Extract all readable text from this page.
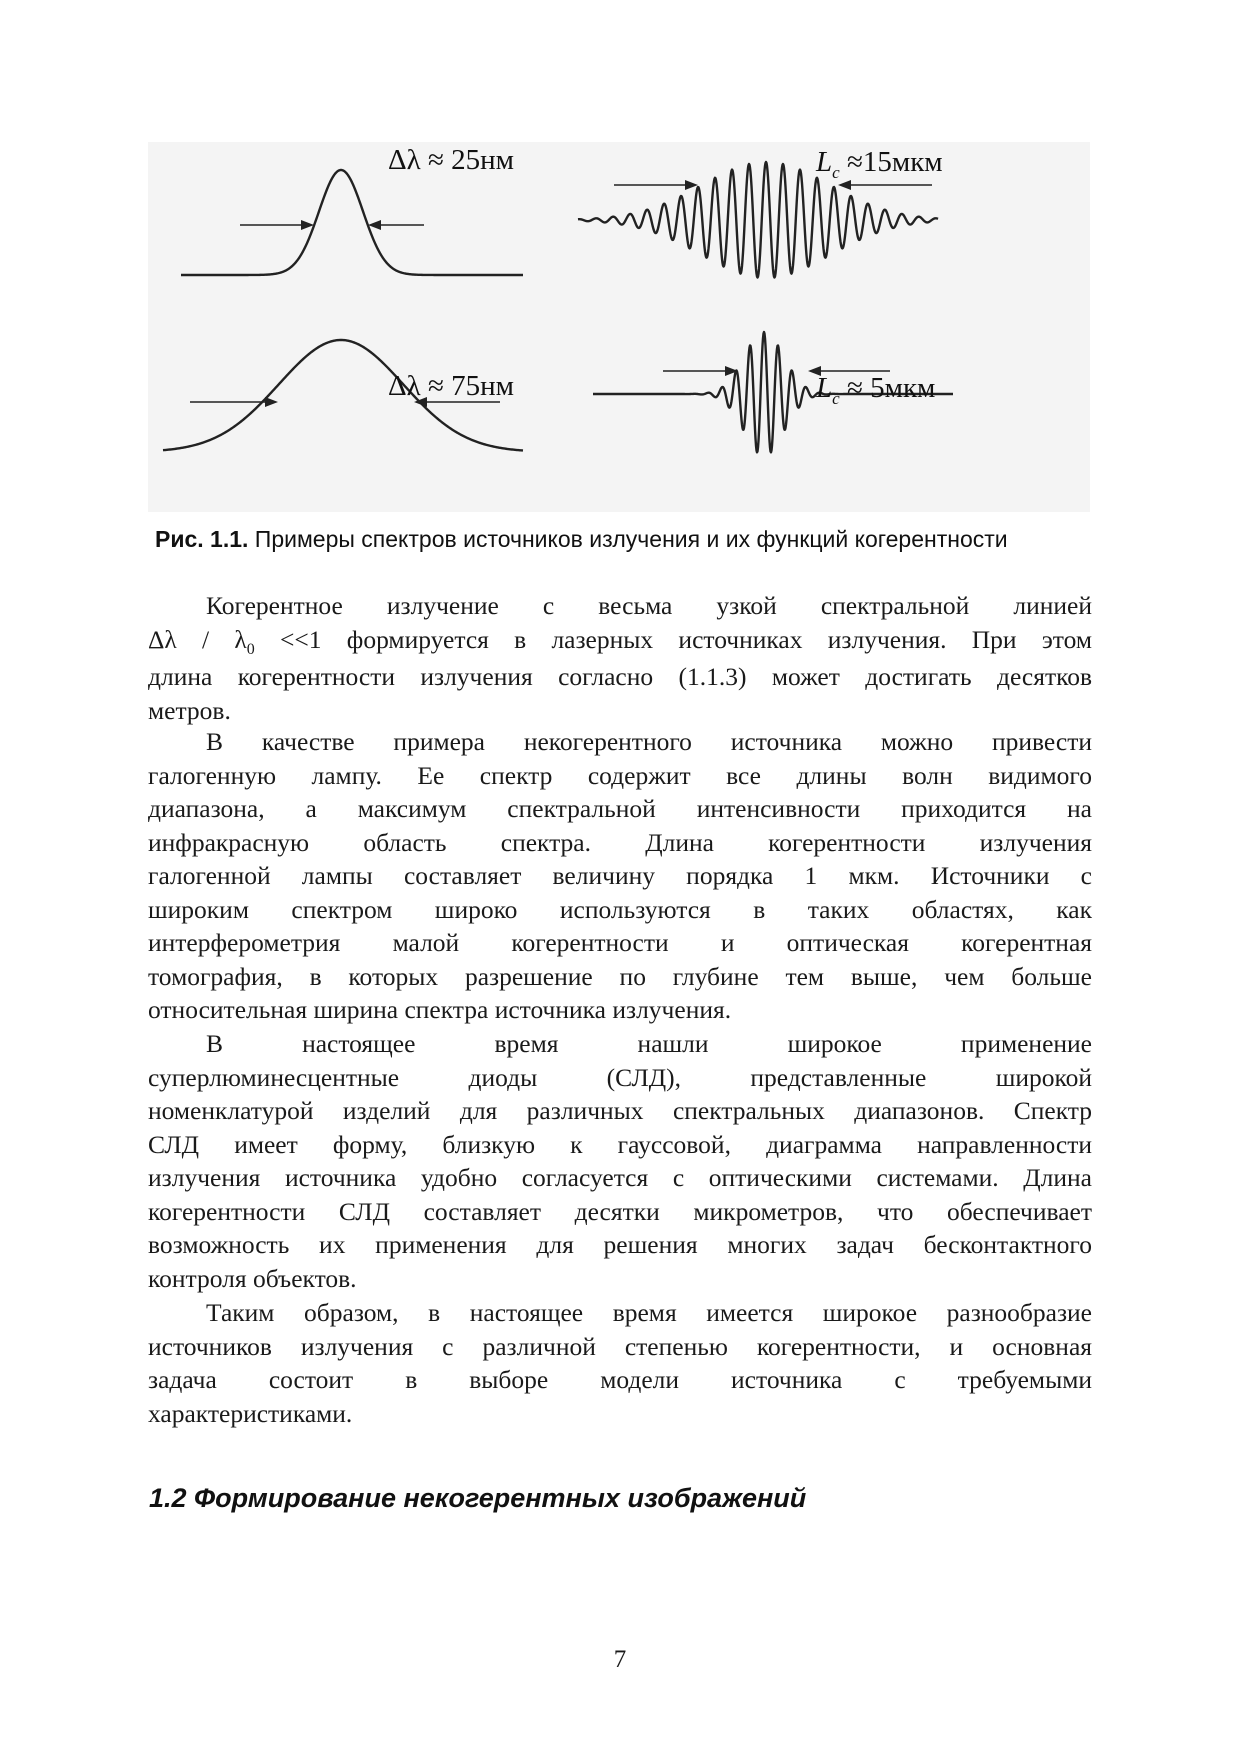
Δλ ≈ 25нм	$L_c \approx 15мкм$
Δλ ≈ 75нм	$L_c \approx 5мкм$
Рис. 1.1. Примеры спектров источников излучения и их функций когерентности
Когерентное излучение с весьма узкой спектральной линией
$\Delta\lambda / \lambda_0 <<1$ формируется в лазерных источниках излучения. При этом
длина когерентности излучения согласно (1.1.3) может достигать десятков
метров.
В качестве примера некогерентного источника можно привести
галогенную лампу. Ее спектр содержит все длины волн видимого
диапазона, а максимум спектральной интенсивности приходится на
инфракрасную область спектра. Длина когерентности излучения
галогенной лампы составляет величину порядка 1 мкм. Источники с
широким спектром широко используются в таких областях, как
интерферометрия малой когерентности и оптическая когерентная
томография, в которых разрешение по глубине тем выше, чем больше
относительная ширина спектра источника излучения.
В настоящее время нашли широкое применение
суперлюминесцентные диоды (СЛД), представленные широкой
номенклатурой изделий для различных спектральных диапазонов. Спектр
СЛД имеет форму, близкую к гауссовой, диаграмма направленности
излучения источника удобно согласуется с оптическими системами. Длина
когерентности СЛД составляет десятки микрометров, что обеспечивает
возможность их применения для решения многих задач бесконтактного
контроля объектов.
Таким образом, в настоящее время имеется широкое разнообразие
источников излучения с различной степенью когерентности, и основная
задача состоит в выборе модели источника с требуемыми
характеристиками.
1.2 Формирование некогерентных изображений
7
